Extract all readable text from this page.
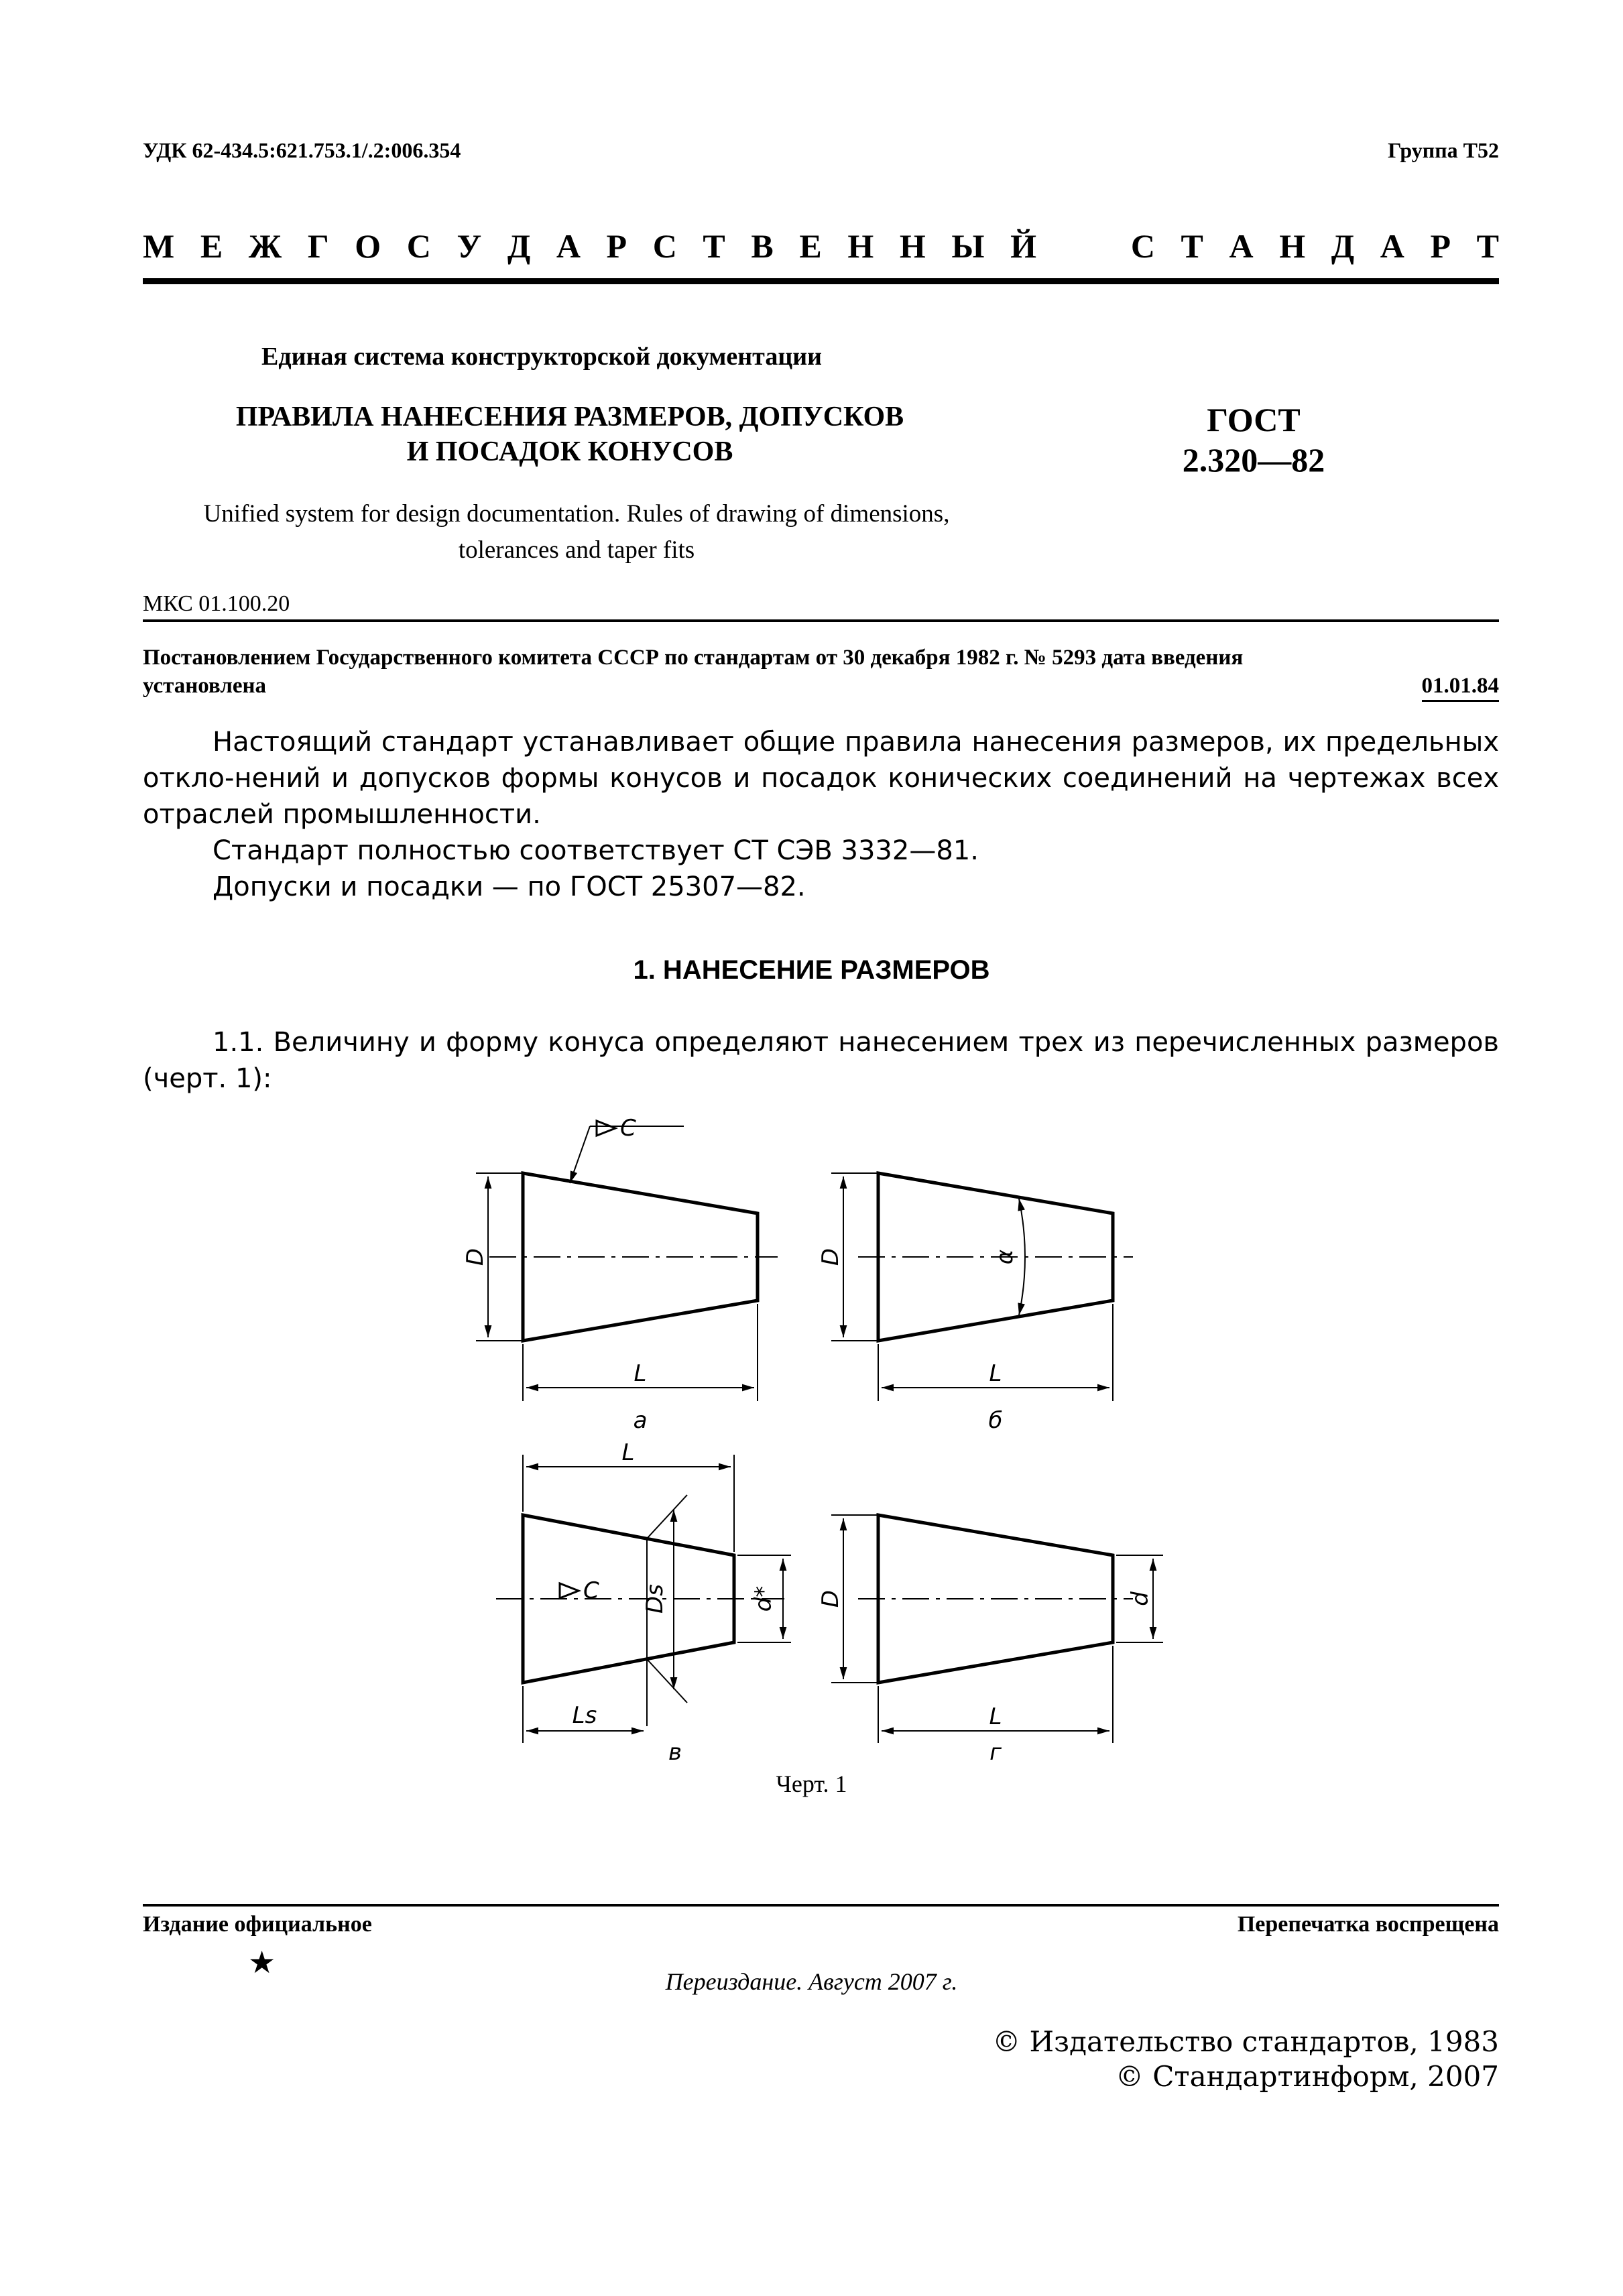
УДК 62-434.5:621.753.1/.2:006.354	Группа Т52
М Е Ж Г О С У Д А Р С Т В Е Н Н Ы Й

	С Т А Н Д А Р Т
Единая система конструкторской документации
ПРАВИЛА НАНЕСЕНИЯ РАЗМЕРОВ, ДОПУСКОВ
И ПОСАДОК КОНУСОВ
ГОСТ
2.320—82
Unified system for design documentation. Rules of drawing of dimensions,
tolerances and taper fits
МКС 01.100.20
Постановлением Государственного комитета СССР по стандартам от 30 декабря 1982 г. № 5293 дата введения
установлена	01.01.84
Настоящий стандарт устанавливает общие правила нанесения размеров, их предельных откло-нений и допусков формы конусов и посадок конических соединений на чертежах всех отраслей промышленности.
Стандарт полностью соответствует СТ СЭВ 3332—81.
Допуски и посадки — по ГОСТ 25307—82.
1. НАНЕСЕНИЕ РАЗМЕРОВ
1.1. Величину и форму конуса определяют нанесением трех из перечисленных размеров (черт. 1):
C
D
L
а
D	α
L
б
L
C Ds	d*
Ls
в
D	d
L
г
Черт. 1
Издание официальное
★
Перепечатка воспрещена
Переиздание. Август 2007 г.
© Издательство стандартов, 1983
© Стандартинформ, 2007
